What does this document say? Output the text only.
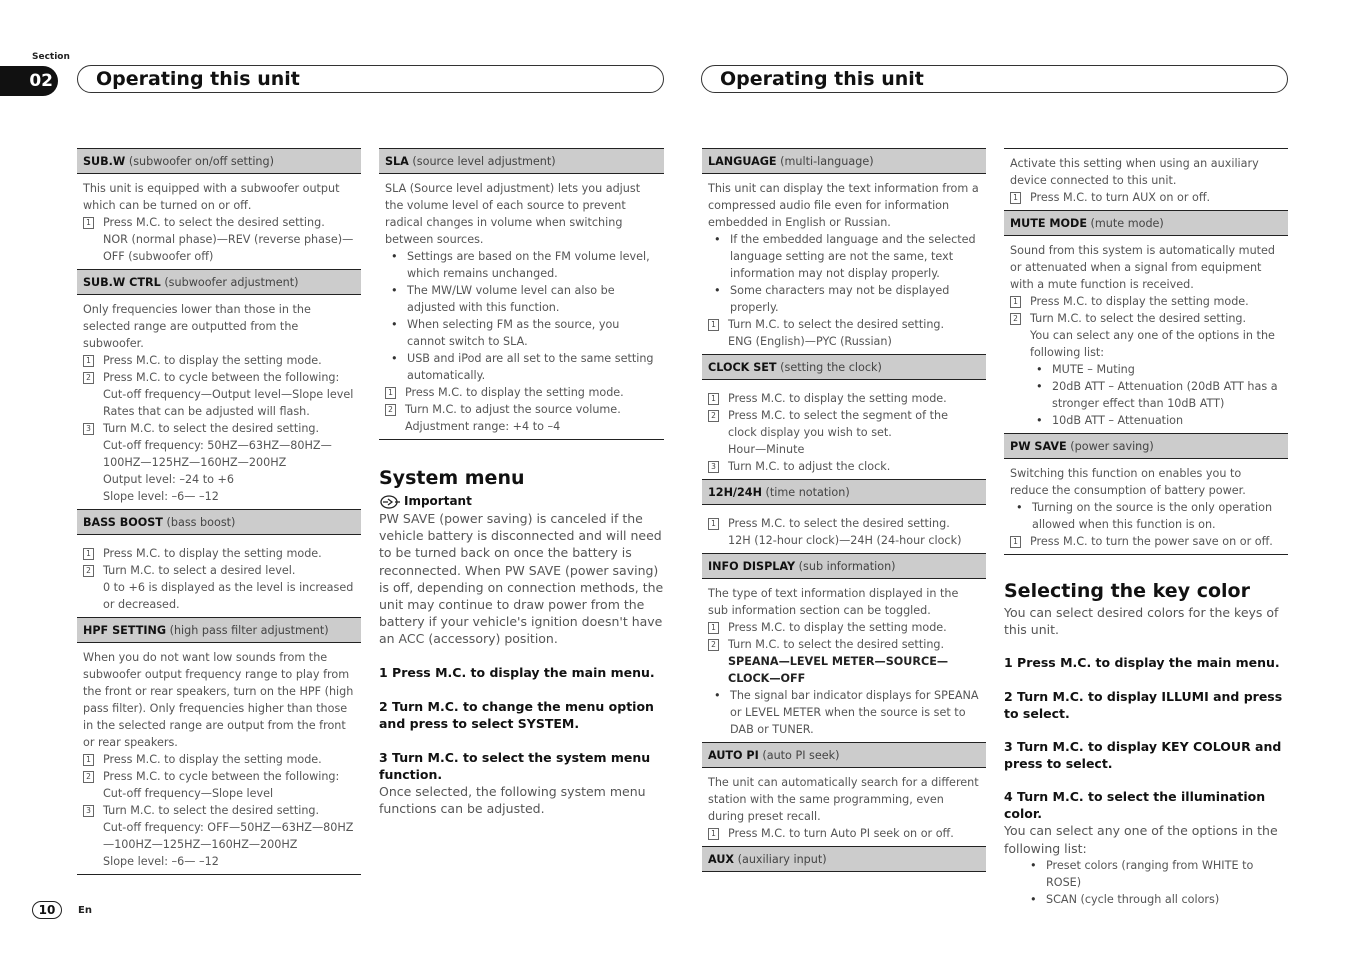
Section
02	Operating this unit	Operating this unit
SUB.W (subwoofer on/off setting)

This unit is equipped with a subwoofer output which can be turned on or off.

1 Press M.C. to select the desired setting.
NOR (normal phase)—REV (reverse phase)—OFF (subwoofer off)
SUB.W CTRL (subwoofer adjustment)

Only frequencies lower than those in the selected range are outputted from the subwoofer.

1 Press M.C. to display the setting mode.
2 Press M.C. to cycle between the following:
Cut-off frequency—Output level—Slope level
Rates that can be adjusted will flash.
3 Turn M.C. to select the desired setting.
Cut-off frequency: 50HZ—63HZ—80HZ—100HZ—125HZ—160HZ—200HZ
Output level: –24 to +6
Slope level: –6— –12
BASS BOOST (bass boost)
1 Press M.C. to display the setting mode.
2 Turn M.C. to select a desired level.
0 to +6 is displayed as the level is increased or decreased.
HPF SETTING (high pass filter adjustment)

When you do not want low sounds from the subwoofer output frequency range to play from the front or rear speakers, turn on the HPF (high pass filter). Only frequencies higher than those in the selected range are output from the front or rear speakers.

1 Press M.C. to display the setting mode.
2 Press M.C. to cycle between the following:
Cut-off frequency—Slope level
3 Turn M.C. to select the desired setting.
Cut-off frequency: OFF—50HZ—63HZ—80HZ—100HZ—125HZ—160HZ—200HZ
Slope level: –6— –12
SLA (source level adjustment)

SLA (Source level adjustment) lets you adjust the volume level of each source to prevent radical changes in volume when switching between sources.

• Settings are based on the FM volume level, which remains unchanged.
• The MW/LW volume level can also be adjusted with this function.
• When selecting FM as the source, you cannot switch to SLA.
• USB and iPod are all set to the same setting automatically.
1 Press M.C. to display the setting mode.
2 Turn M.C. to adjust the source volume.
Adjustment range: +4 to –4
System menu
Important
PW SAVE (power saving) is canceled if the vehicle battery is disconnected and will need to be turned back on once the battery is reconnected. When PW SAVE (power saving) is off, depending on connection methods, the unit may continue to draw power from the battery if your vehicle's ignition doesn't have an ACC (accessory) position.
1 Press M.C. to display the main menu.
2 Turn M.C. to change the menu option and press to select SYSTEM.
3 Turn M.C. to select the system menu function.
Once selected, the following system menu functions can be adjusted.
LANGUAGE (multi-language)

This unit can display the text information from a compressed audio file even for information embedded in English or Russian.

• If the embedded language and the selected language setting are not the same, text information may not display properly.
• Some characters may not be displayed properly.
1 Turn M.C. to select the desired setting.
ENG (English)—PYC (Russian)
CLOCK SET (setting the clock)
1 Press M.C. to display the setting mode.
2 Press M.C. to select the segment of the clock display you wish to set.
Hour—Minute
3 Turn M.C. to adjust the clock.
12H/24H (time notation)
1 Press M.C. to select the desired setting.
12H (12-hour clock)—24H (24-hour clock)
INFO DISPLAY (sub information)

The type of text information displayed in the sub information section can be toggled.

1 Press M.C. to display the setting mode.
2 Turn M.C. to select the desired setting.
SPEANA—LEVEL METER—SOURCE—CLOCK—OFF
• The signal bar indicator displays for SPEANA or LEVEL METER when the source is set to DAB or TUNER.
AUTO PI (auto PI seek)

The unit can automatically search for a different station with the same programming, even during preset recall.

1 Press M.C. to turn Auto PI seek on or off.
AUX (auxiliary input)

Activate this setting when using an auxiliary device connected to this unit.

1 Press M.C. to turn AUX on or off.
MUTE MODE (mute mode)

Sound from this system is automatically muted or attenuated when a signal from equipment with a mute function is received.

1 Press M.C. to display the setting mode.
2 Turn M.C. to select the desired setting.
You can select any one of the options in the following list:
• MUTE – Muting
• 20dB ATT – Attenuation (20dB ATT has a stronger effect than 10dB ATT)
• 10dB ATT – Attenuation
PW SAVE (power saving)

Switching this function on enables you to reduce the consumption of battery power.

• Turning on the source is the only operation allowed when this function is on.
1 Press M.C. to turn the power save on or off.
Selecting the key color
You can select desired colors for the keys of this unit.
1 Press M.C. to display the main menu.
2 Turn M.C. to display ILLUMI and press to select.
3 Turn M.C. to display KEY COLOUR and press to select.
4 Turn M.C. to select the illumination color.
You can select any one of the options in the following list:
• Preset colors (ranging from WHITE to ROSE)
• SCAN (cycle through all colors)
10	En
